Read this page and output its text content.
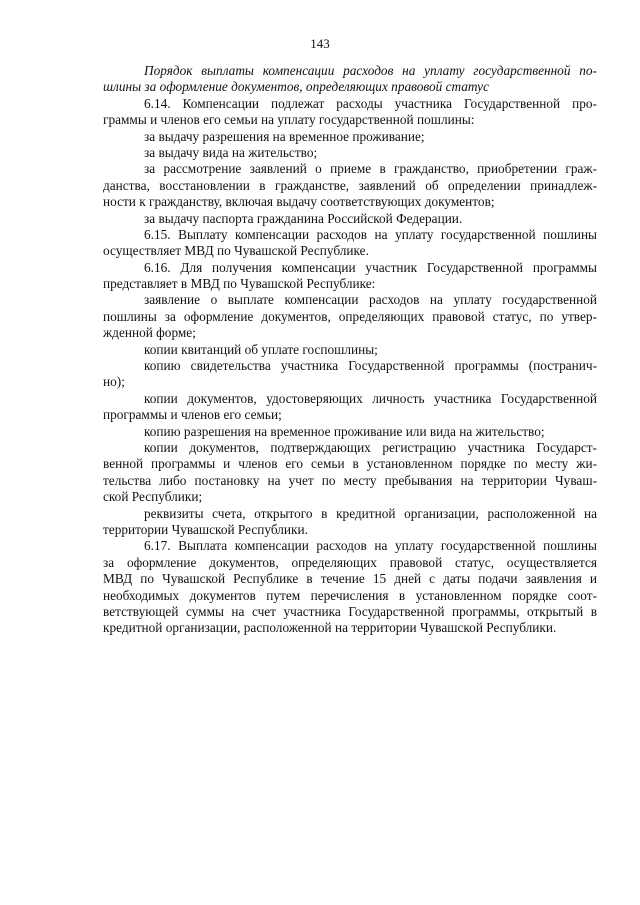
143
Порядок выплаты компенсации расходов на уплату государственной по-
шлины за оформление документов, определяющих правовой статус
6.14. Компенсации подлежат расходы участника Государственной про-
граммы и членов его семьи на уплату государственной пошлины:
за выдачу разрешения на временное проживание;
за выдачу вида на жительство;
за рассмотрение заявлений о приеме в гражданство, приобретении граж-
данства, восстановлении в гражданстве, заявлений об определении принадлеж-
ности к гражданству, включая выдачу соответствующих документов;
за выдачу паспорта гражданина Российской Федерации.
6.15. Выплату компенсации расходов на уплату государственной пошлины
осуществляет МВД по Чувашской Республике.
6.16. Для получения компенсации участник Государственной программы
представляет в МВД по Чувашской Республике:
заявление о выплате компенсации расходов на уплату государственной
пошлины за оформление документов, определяющих правовой статус, по утвер-
жденной форме;
копии квитанций об уплате госпошлины;
копию свидетельства участника Государственной программы (постранич-
но);
копии документов, удостоверяющих личность участника Государственной
программы и членов его семьи;
копию разрешения на временное проживание или вида на жительство;
копии документов, подтверждающих регистрацию участника Государст-
венной программы и членов его семьи в установленном порядке по месту жи-
тельства либо постановку на учет по месту пребывания на территории Чуваш-
ской Республики;
реквизиты счета, открытого в кредитной организации, расположенной на
территории Чувашской Республики.
6.17. Выплата компенсации расходов на уплату государственной пошлины
за оформление документов, определяющих правовой статус, осуществляется
МВД по Чувашской Республике в течение 15 дней с даты подачи заявления и
необходимых документов путем перечисления в установленном порядке соот-
ветствующей суммы на счет участника Государственной программы, открытый в
кредитной организации, расположенной на территории Чувашской Республики.
